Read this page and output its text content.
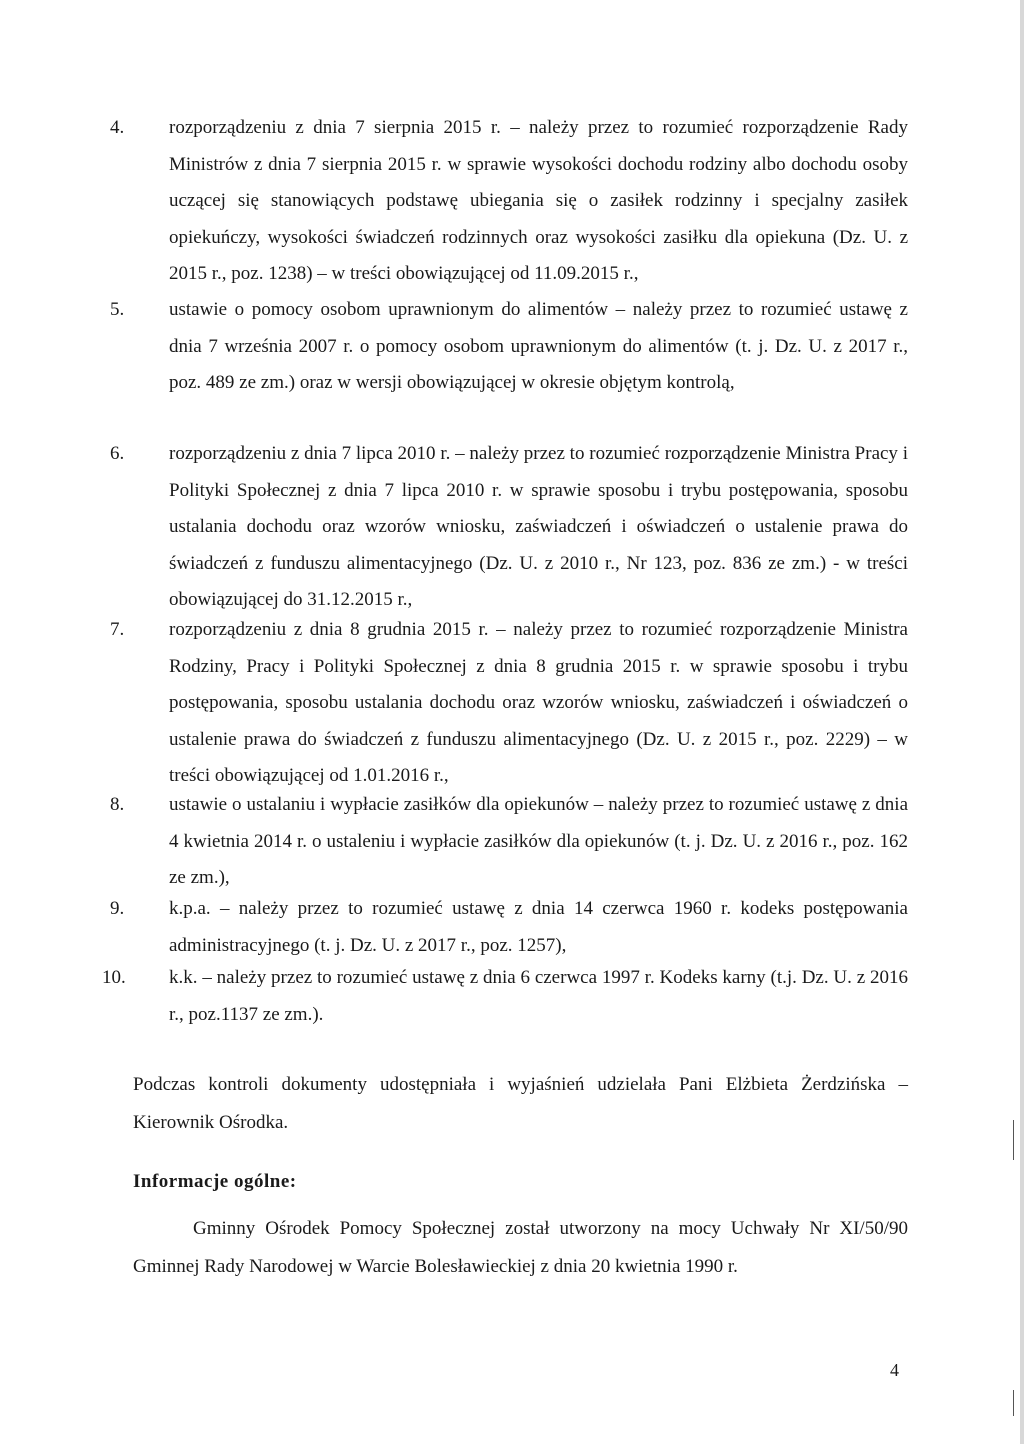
4.	rozporządzeniu z dnia 7 sierpnia 2015 r. – należy przez to rozumieć rozporządzenie Rady Ministrów z dnia 7 sierpnia 2015 r. w sprawie wysokości dochodu rodziny albo dochodu osoby uczącej się stanowiących podstawę ubiegania się o zasiłek rodzinny i specjalny zasiłek opiekuńczy, wysokości świadczeń rodzinnych oraz wysokości zasiłku dla opiekuna (Dz. U. z 2015 r., poz. 1238) – w treści obowiązującej od 11.09.2015 r.,
5.	ustawie o pomocy osobom uprawnionym do alimentów – należy przez to rozumieć ustawę z dnia 7 września 2007 r. o pomocy osobom uprawnionym do alimentów (t. j. Dz. U. z 2017 r., poz. 489 ze zm.) oraz w wersji obowiązującej w okresie objętym kontrolą,
6.	rozporządzeniu z dnia 7 lipca 2010 r. – należy przez to rozumieć rozporządzenie Ministra Pracy i Polityki Społecznej z dnia 7 lipca 2010 r. w sprawie sposobu i trybu postępowania, sposobu ustalania dochodu oraz wzorów wniosku, zaświadczeń i oświadczeń o ustalenie prawa do świadczeń z funduszu alimentacyjnego (Dz. U. z 2010 r., Nr 123, poz. 836 ze zm.) - w treści obowiązującej do 31.12.2015 r.,
7.	rozporządzeniu z dnia 8 grudnia 2015 r. – należy przez to rozumieć rozporządzenie Ministra Rodziny, Pracy i Polityki Społecznej z dnia 8 grudnia 2015 r. w sprawie sposobu i trybu postępowania, sposobu ustalania dochodu oraz wzorów wniosku, zaświadczeń i oświadczeń o ustalenie prawa do świadczeń z funduszu alimentacyjnego (Dz. U. z 2015 r., poz. 2229) – w treści obowiązującej od 1.01.2016 r.,
8.	ustawie o ustalaniu i wypłacie zasiłków dla opiekunów – należy przez to rozumieć ustawę z dnia 4 kwietnia 2014 r. o ustaleniu i wypłacie zasiłków dla opiekunów (t. j. Dz. U. z 2016 r., poz. 162 ze zm.),
9.	k.p.a. – należy przez to rozumieć ustawę z dnia 14 czerwca 1960 r. kodeks postępowania administracyjnego (t. j. Dz. U. z 2017 r., poz. 1257),
10.	k.k. – należy przez to rozumieć ustawę z dnia 6 czerwca 1997 r. Kodeks karny (t.j. Dz. U. z 2016 r., poz.1137 ze zm.).
Podczas kontroli dokumenty udostępniała i wyjaśnień udzielała Pani Elżbieta Żerdzińska – Kierownik Ośrodka.
Informacje ogólne:
Gminny Ośrodek Pomocy Społecznej został utworzony na mocy Uchwały Nr XI/50/90 Gminnej Rady Narodowej w Warcie Bolesławieckiej z dnia 20 kwietnia 1990 r.
4
